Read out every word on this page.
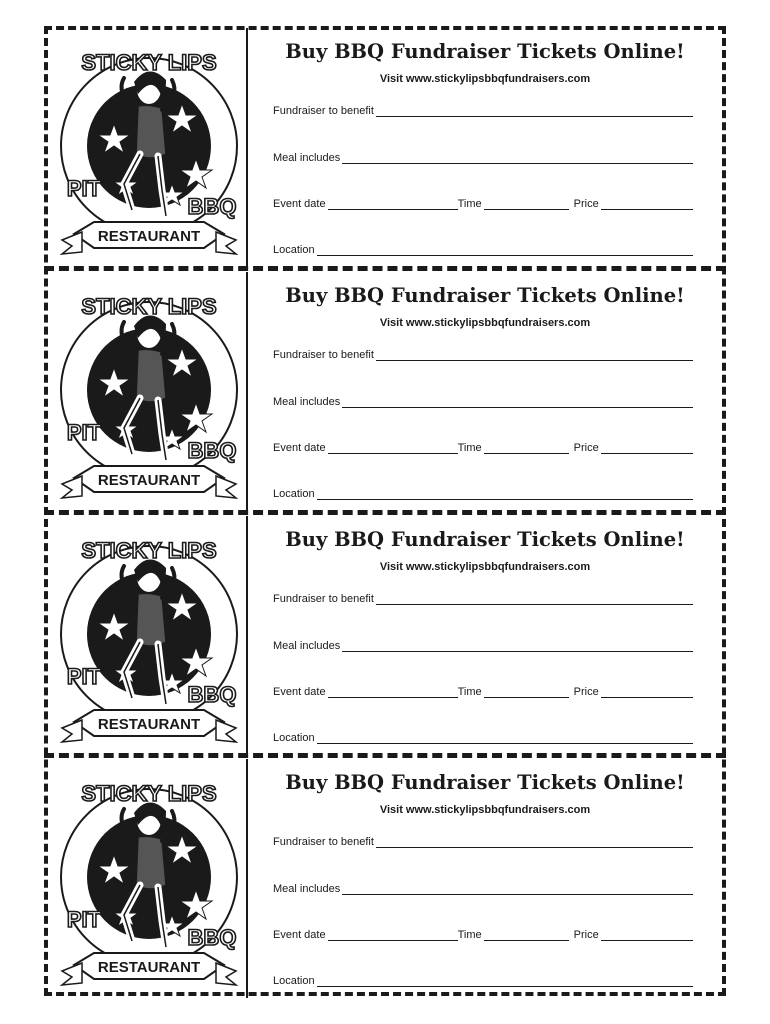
RESTAURANT
STICKY LIPS
PIT
BBQ
Buy BBQ Fundraiser Tickets Online!
Visit www.stickylipsbbqfundraisers.com
Fundraiser to benefit
Meal includes
Event date	Time	Price
Location
RESTAURANT
STICKY LIPS
PIT
BBQ
Buy BBQ Fundraiser Tickets Online!
Visit www.stickylipsbbqfundraisers.com
Fundraiser to benefit
Meal includes
Event date	Time	Price
Location
RESTAURANT
STICKY LIPS
PIT
BBQ
Buy BBQ Fundraiser Tickets Online!
Visit www.stickylipsbbqfundraisers.com
Fundraiser to benefit
Meal includes
Event date	Time	Price
Location
RESTAURANT
STICKY LIPS
PIT
BBQ
Buy BBQ Fundraiser Tickets Online!
Visit www.stickylipsbbqfundraisers.com
Fundraiser to benefit
Meal includes
Event date	Time	Price
Location
